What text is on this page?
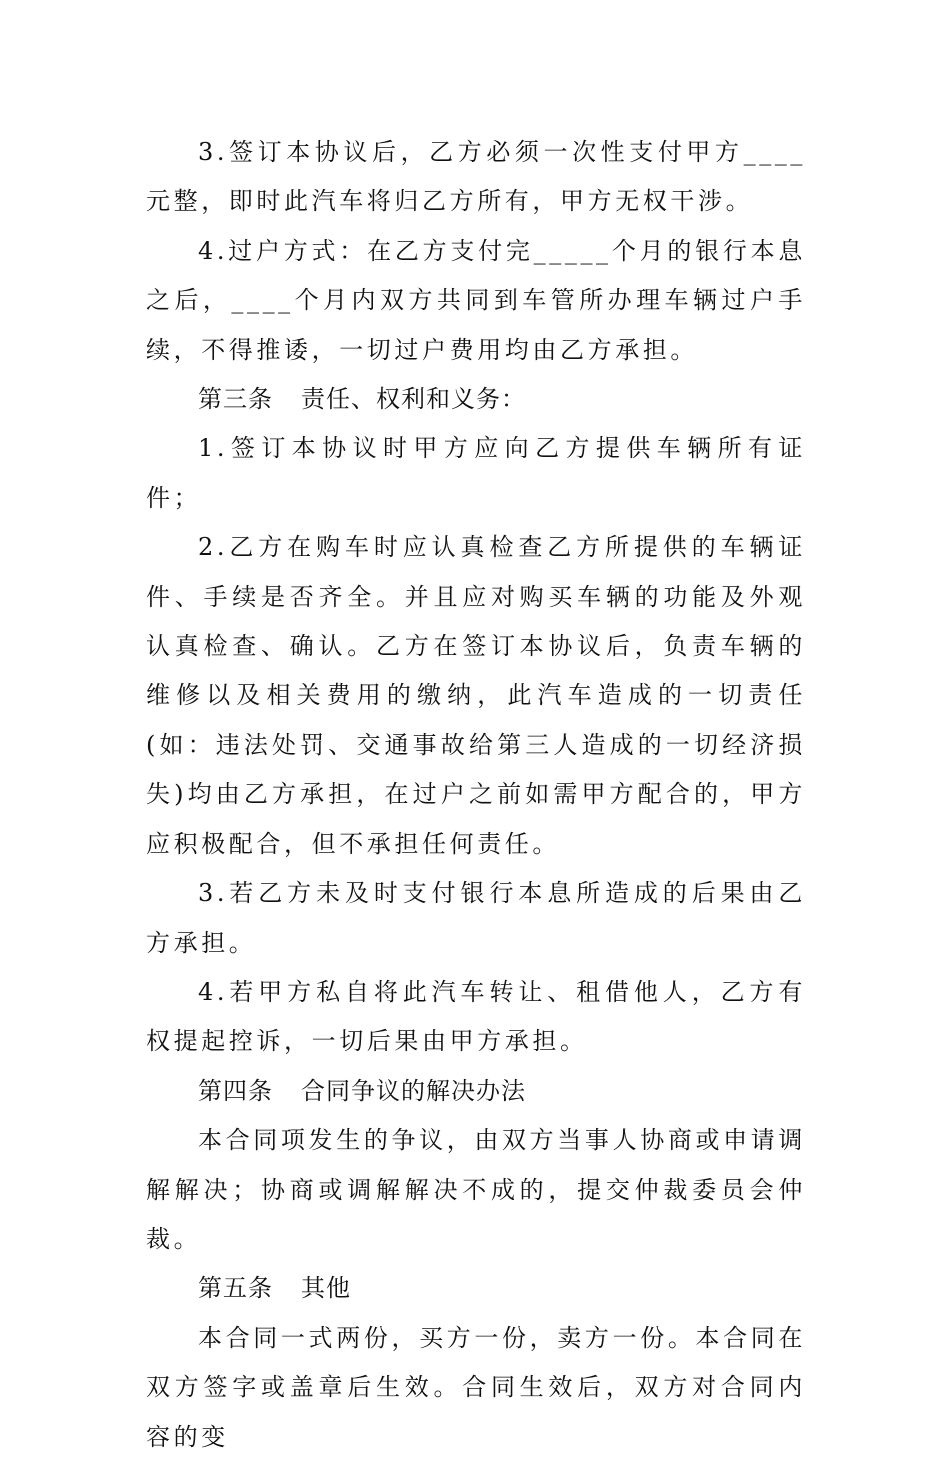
3.签订本协议后，乙方必须一次性支付甲方____元整，即时此汽车将归乙方所有，甲方无权干涉。

4.过户方式：在乙方支付完_____个月的银行本息之后，____个月内双方共同到车管所办理车辆过户手续，不得推诿，一切过户费用均由乙方承担。

第三条 责任、权利和义务：

1.签订本协议时甲方应向乙方提供车辆所有证件；

2.乙方在购车时应认真检查乙方所提供的车辆证件、手续是否齐全。并且应对购买车辆的功能及外观认真检查、确认。乙方在签订本协议后，负责车辆的维修以及相关费用的缴纳，此汽车造成的一切责任(如：违法处罚、交通事故给第三人造成的一切经济损失)均由乙方承担，在过户之前如需甲方配合的，甲方应积极配合，但不承担任何责任。

3.若乙方未及时支付银行本息所造成的后果由乙方承担。

4.若甲方私自将此汽车转让、租借他人，乙方有权提起控诉，一切后果由甲方承担。

第四条 合同争议的解决办法

本合同项发生的争议，由双方当事人协商或申请调解解决；协商或调解解决不成的，提交仲裁委员会仲裁。

第五条 其他

本合同一式两份，买方一份，卖方一份。本合同在双方签字或盖章后生效。合同生效后，双方对合同内容的变
